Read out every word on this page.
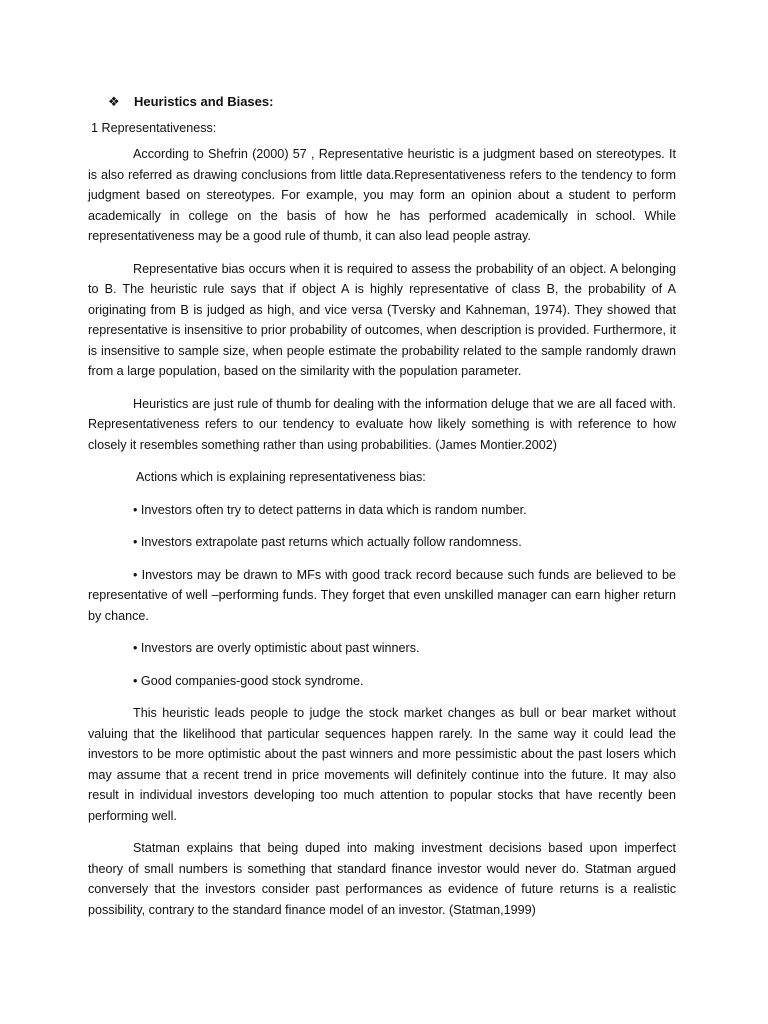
❖ Heuristics and Biases:
1 Representativeness:

According to Shefrin (2000) 57 , Representative heuristic is a judgment based on stereotypes. It is also referred as drawing conclusions from little data.Representativeness refers to the tendency to form judgment based on stereotypes. For example, you may form an opinion about a student to perform academically in college on the basis of how he has performed academically in school. While representativeness may be a good rule of thumb, it can also lead people astray.

Representative bias occurs when it is required to assess the probability of an object. A belonging to B. The heuristic rule says that if object A is highly representative of class B, the probability of A originating from B is judged as high, and vice versa (Tversky and Kahneman, 1974). They showed that representative is insensitive to prior probability of outcomes, when description is provided. Furthermore, it is insensitive to sample size, when people estimate the probability related to the sample randomly drawn from a large population, based on the similarity with the population parameter.

Heuristics are just rule of thumb for dealing with the information deluge that we are all faced with. Representativeness refers to our tendency to evaluate how likely something is with reference to how closely it resembles something rather than using probabilities. (James Montier.2002)

Actions which is explaining representativeness bias:
• Investors often try to detect patterns in data which is random number.
• Investors extrapolate past returns which actually follow randomness.
• Investors may be drawn to MFs with good track record because such funds are believed to be representative of well –performing funds. They forget that even unskilled manager can earn higher return by chance.
• Investors are overly optimistic about past winners.
• Good companies-good stock syndrome.

This heuristic leads people to judge the stock market changes as bull or bear market without valuing that the likelihood that particular sequences happen rarely. In the same way it could lead the investors to be more optimistic about the past winners and more pessimistic about the past losers which may assume that a recent trend in price movements will definitely continue into the future. It may also result in individual investors developing too much attention to popular stocks that have recently been performing well.

Statman explains that being duped into making investment decisions based upon imperfect theory of small numbers is something that standard finance investor would never do. Statman argued conversely that the investors consider past performances as evidence of future returns is a realistic possibility, contrary to the standard finance model of an investor. (Statman,1999)
